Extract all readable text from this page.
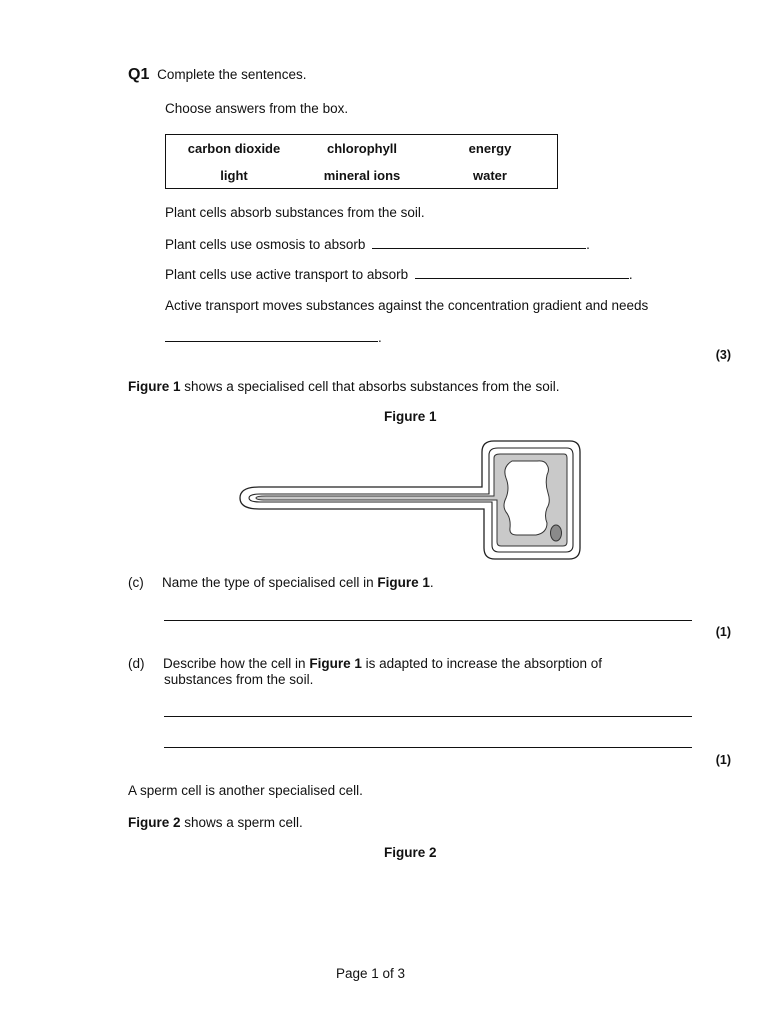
Q1 Complete the sentences.
Choose answers from the box.
carbon dioxide	chlorophyll	energy
light	mineral ions	water
Plant cells absorb substances from the soil.
Plant cells use osmosis to absorb	.
Plant cells use active transport to absorb	.
Active transport moves substances against the concentration gradient and needs
.
(3)
Figure 1 shows a specialised cell that absorbs substances from the soil.
Figure 1
(c) Name the type of specialised cell in Figure 1.
(1)
(d) Describe how the cell in Figure 1 is adapted to increase the absorption of
substances from the soil.
(1)
A sperm cell is another specialised cell.
Figure 2 shows a sperm cell.
Figure 2
Page 1 of 3
